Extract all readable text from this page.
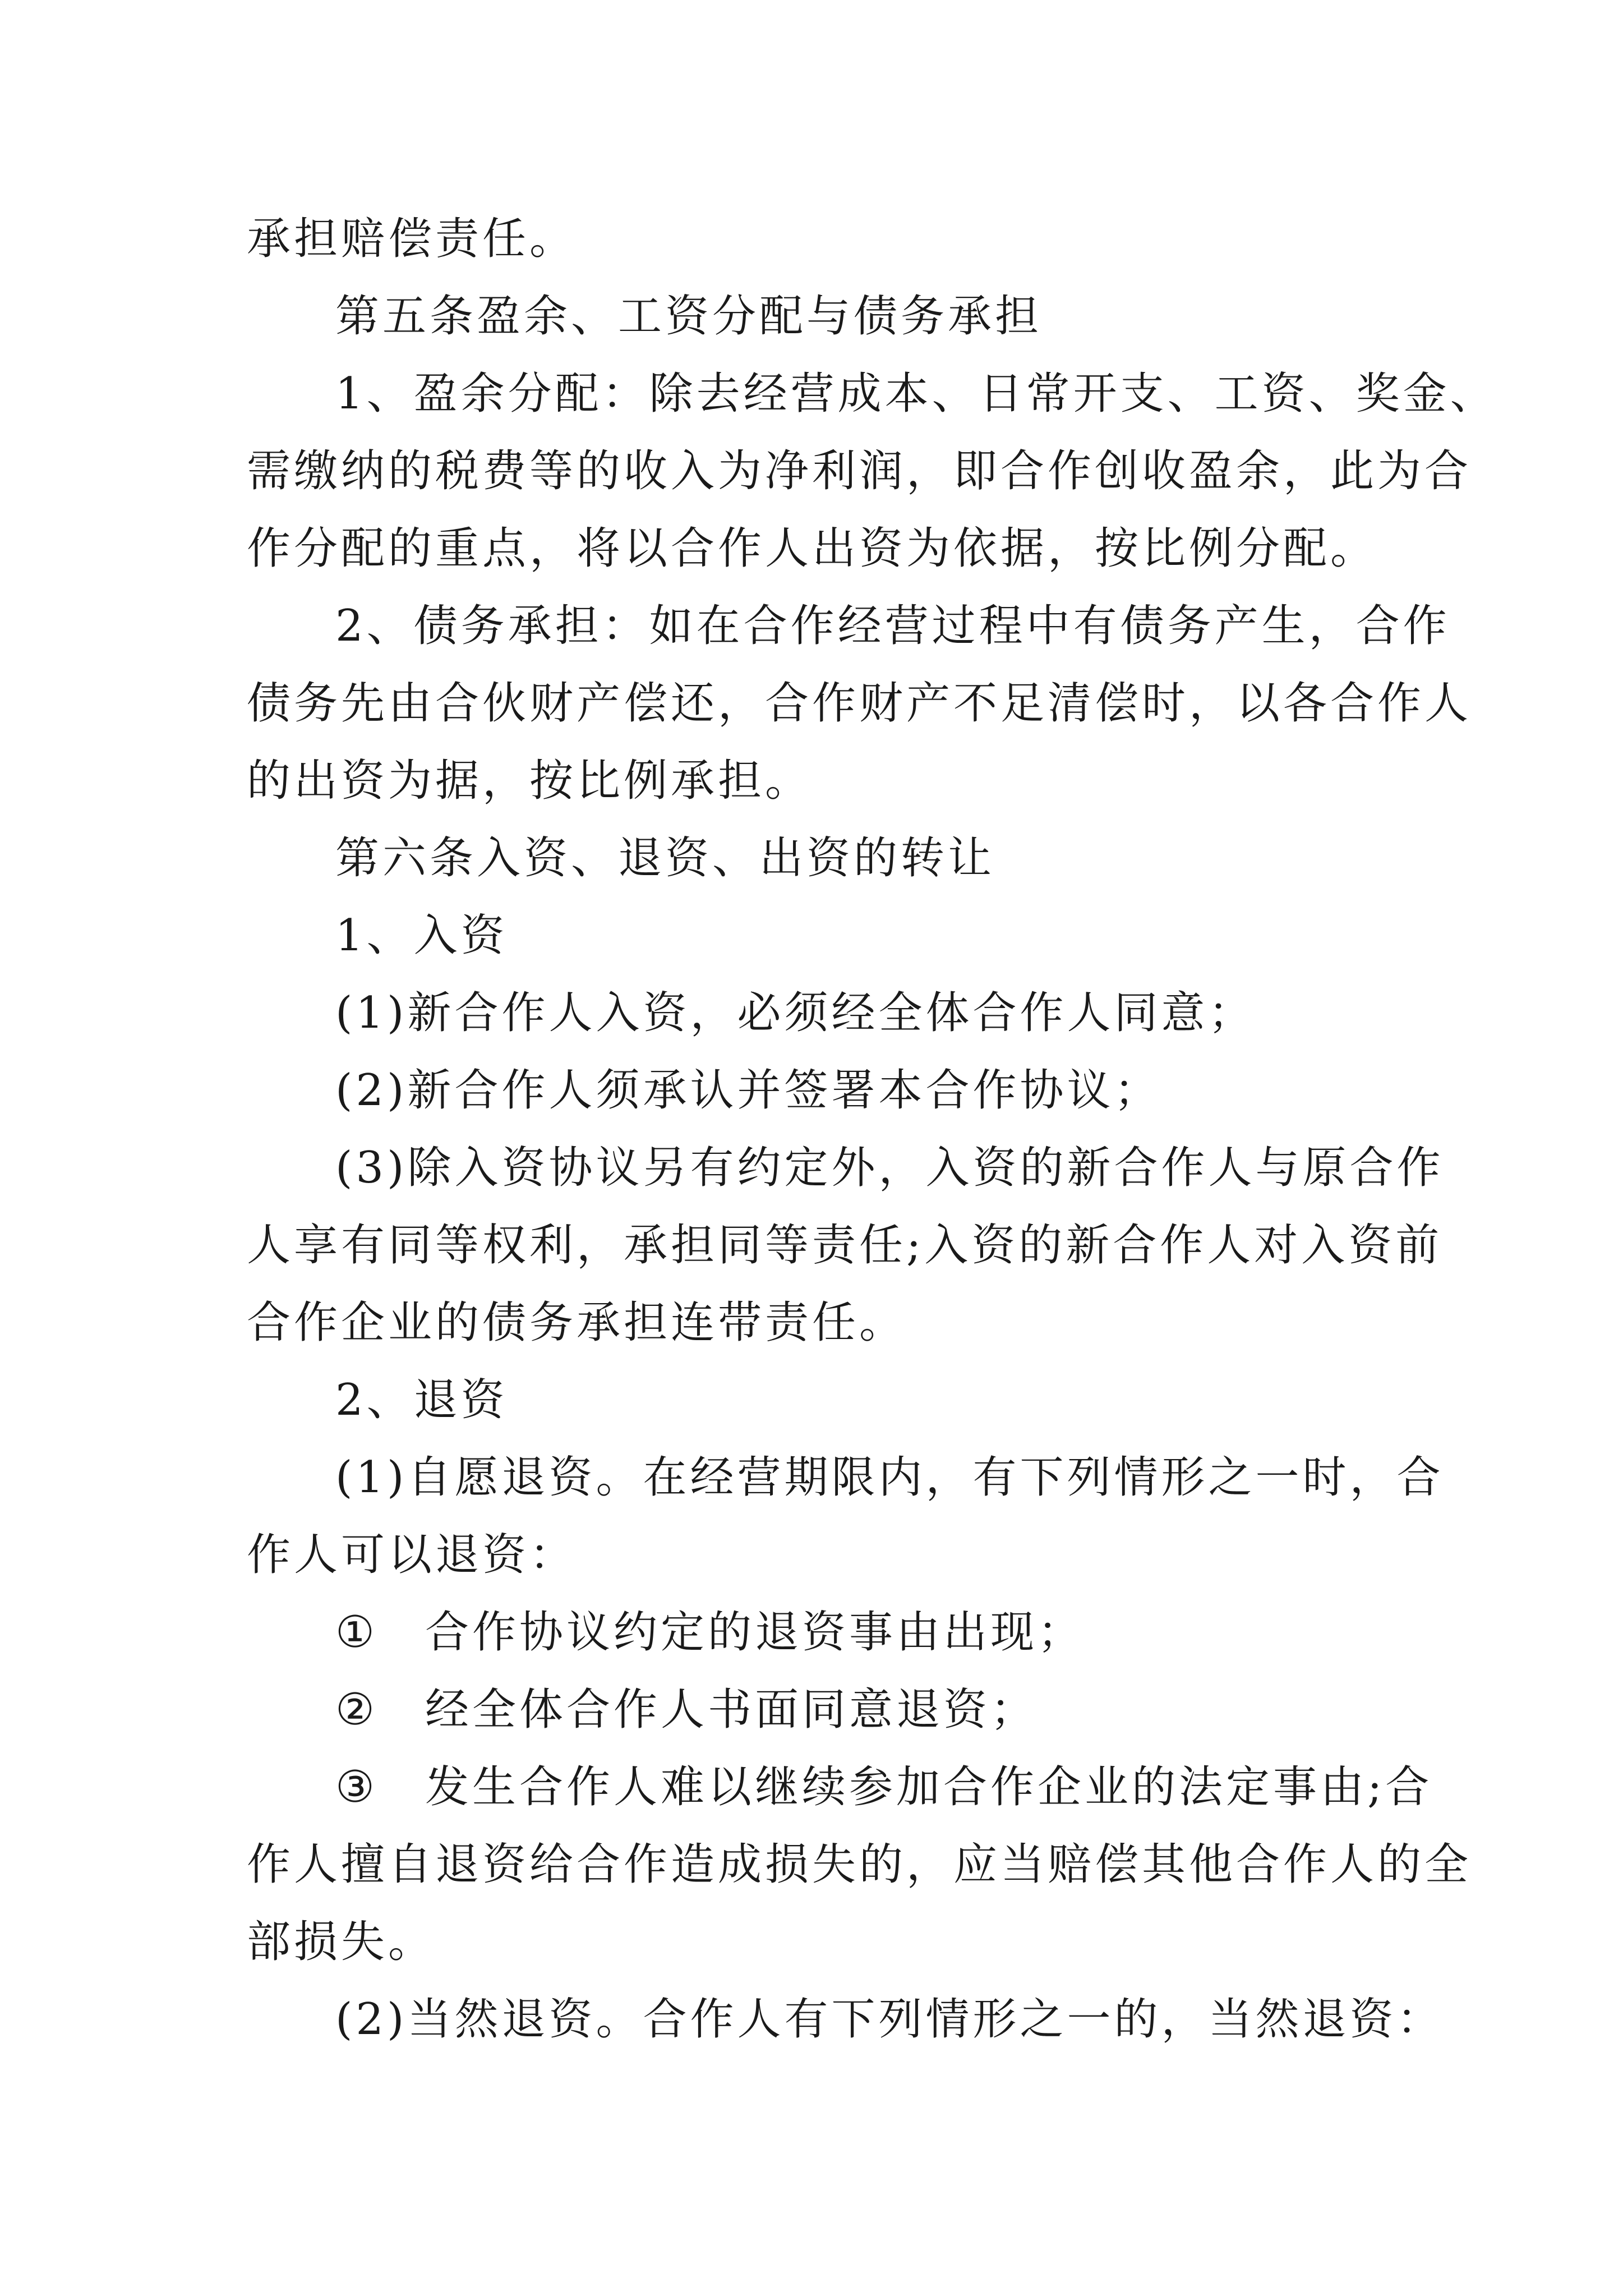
承担赔偿责任。

第五条盈余、工资分配与债务承担

1、盈余分配：除去经营成本、日常开支、工资、奖金、

需缴纳的税费等的收入为净利润，即合作创收盈余，此为合

作分配的重点，将以合作人出资为依据，按比例分配。

2、债务承担：如在合作经营过程中有债务产生，合作

债务先由合伙财产偿还，合作财产不足清偿时，以各合作人

的出资为据，按比例承担。

第六条入资、退资、出资的转让

1、入资

(1)新合作人入资，必须经全体合作人同意；

(2)新合作人须承认并签署本合作协议；

(3)除入资协议另有约定外，入资的新合作人与原合作

人享有同等权利，承担同等责任;入资的新合作人对入资前

合作企业的债务承担连带责任。

2、退资

(1)自愿退资。在经营期限内，有下列情形之一时，合

作人可以退资：

① 合作协议约定的退资事由出现；

② 经全体合作人书面同意退资；

③ 发生合作人难以继续参加合作企业的法定事由;合

作人擅自退资给合作造成损失的，应当赔偿其他合作人的全

部损失。

(2)当然退资。合作人有下列情形之一的，当然退资：
